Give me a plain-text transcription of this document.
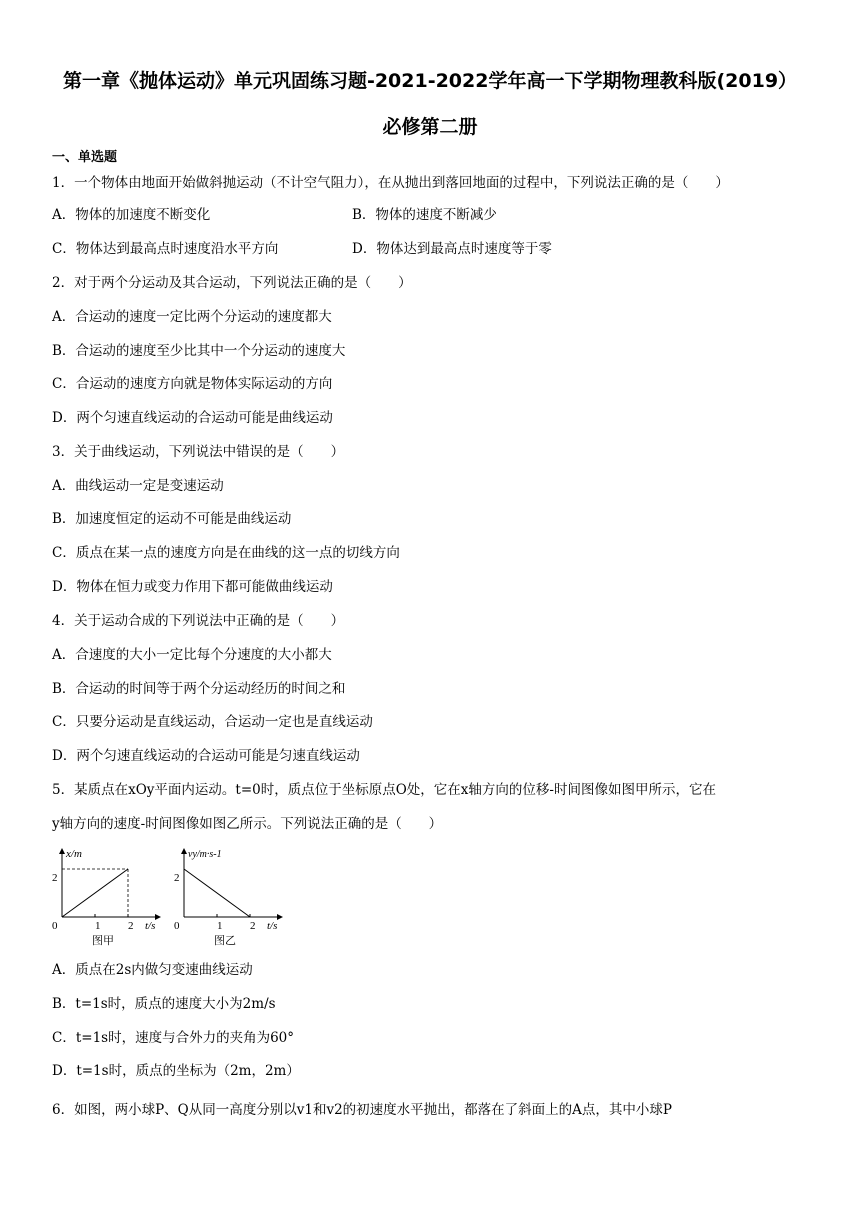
第一章《抛体运动》单元巩固练习题-2021-2022学年高一下学期物理教科版(2019）
必修第二册
一、单选题
1．一个物体由地面开始做斜抛运动（不计空气阻力），在从抛出到落回地面的过程中，下列说法正确的是（　　）
A．物体的加速度不断变化	B．物体的速度不断减少
C．物体达到最高点时速度沿水平方向	D．物体达到最高点时速度等于零
2．对于两个分运动及其合运动，下列说法正确的是（　　）
A．合运动的速度一定比两个分运动的速度都大
B．合运动的速度至少比其中一个分运动的速度大
C．合运动的速度方向就是物体实际运动的方向
D．两个匀速直线运动的合运动可能是曲线运动
3．关于曲线运动，下列说法中错误的是（　　）
A．曲线运动一定是变速运动
B．加速度恒定的运动不可能是曲线运动
C．质点在某一点的速度方向是在曲线的这一点的切线方向
D．物体在恒力或变力作用下都可能做曲线运动
4．关于运动合成的下列说法中正确的是（　　）
A．合速度的大小一定比每个分速度的大小都大
B．合运动的时间等于两个分运动经历的时间之和
C．只要分运动是直线运动，合运动一定也是直线运动
D．两个匀速直线运动的合运动可能是匀速直线运动
5．某质点在xOy平面内运动。t=0时，质点位于坐标原点O处，它在x轴方向的位移-时间图像如图甲所示，它在
y轴方向的速度-时间图像如图乙所示。下列说法正确的是（　　）
x/m
t/s
0
2
1	2
图甲
vy/m·s-1
t/s
0
2
1	2
图乙
A．质点在2s内做匀变速曲线运动
B．t=1s时，质点的速度大小为2m/s
C．t=1s时，速度与合外力的夹角为60°
D．t=1s时，质点的坐标为（2m，2m）
6．如图，两小球P、Q从同一高度分别以v1和v2的初速度水平抛出，都落在了斜面上的A点，其中小球P
